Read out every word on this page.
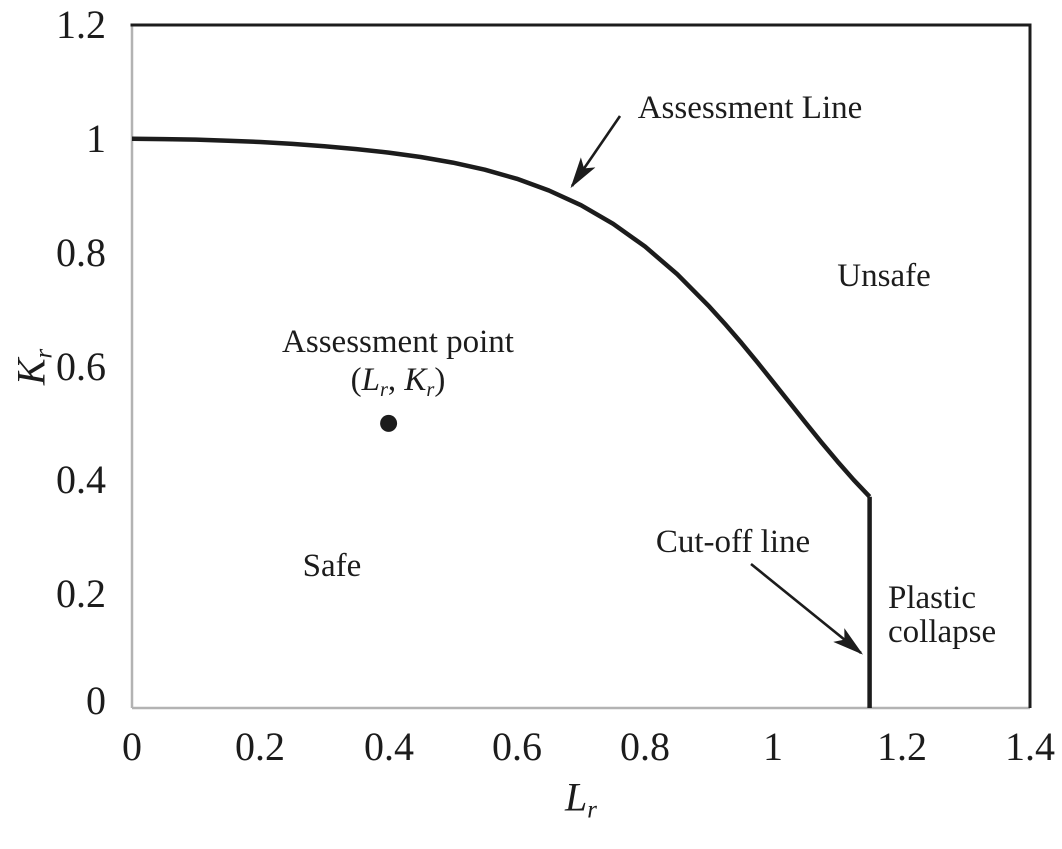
1.2
1
0.8
0.6
0.4
0.2
0
0	0.2	0.4	0.6	0.8	1	1.2	1.4
Lr
Kr
Assessment Line
Unsafe
Safe
Cut-off line
Assessment point
(Lr, Kr)
Plastic
collapse
